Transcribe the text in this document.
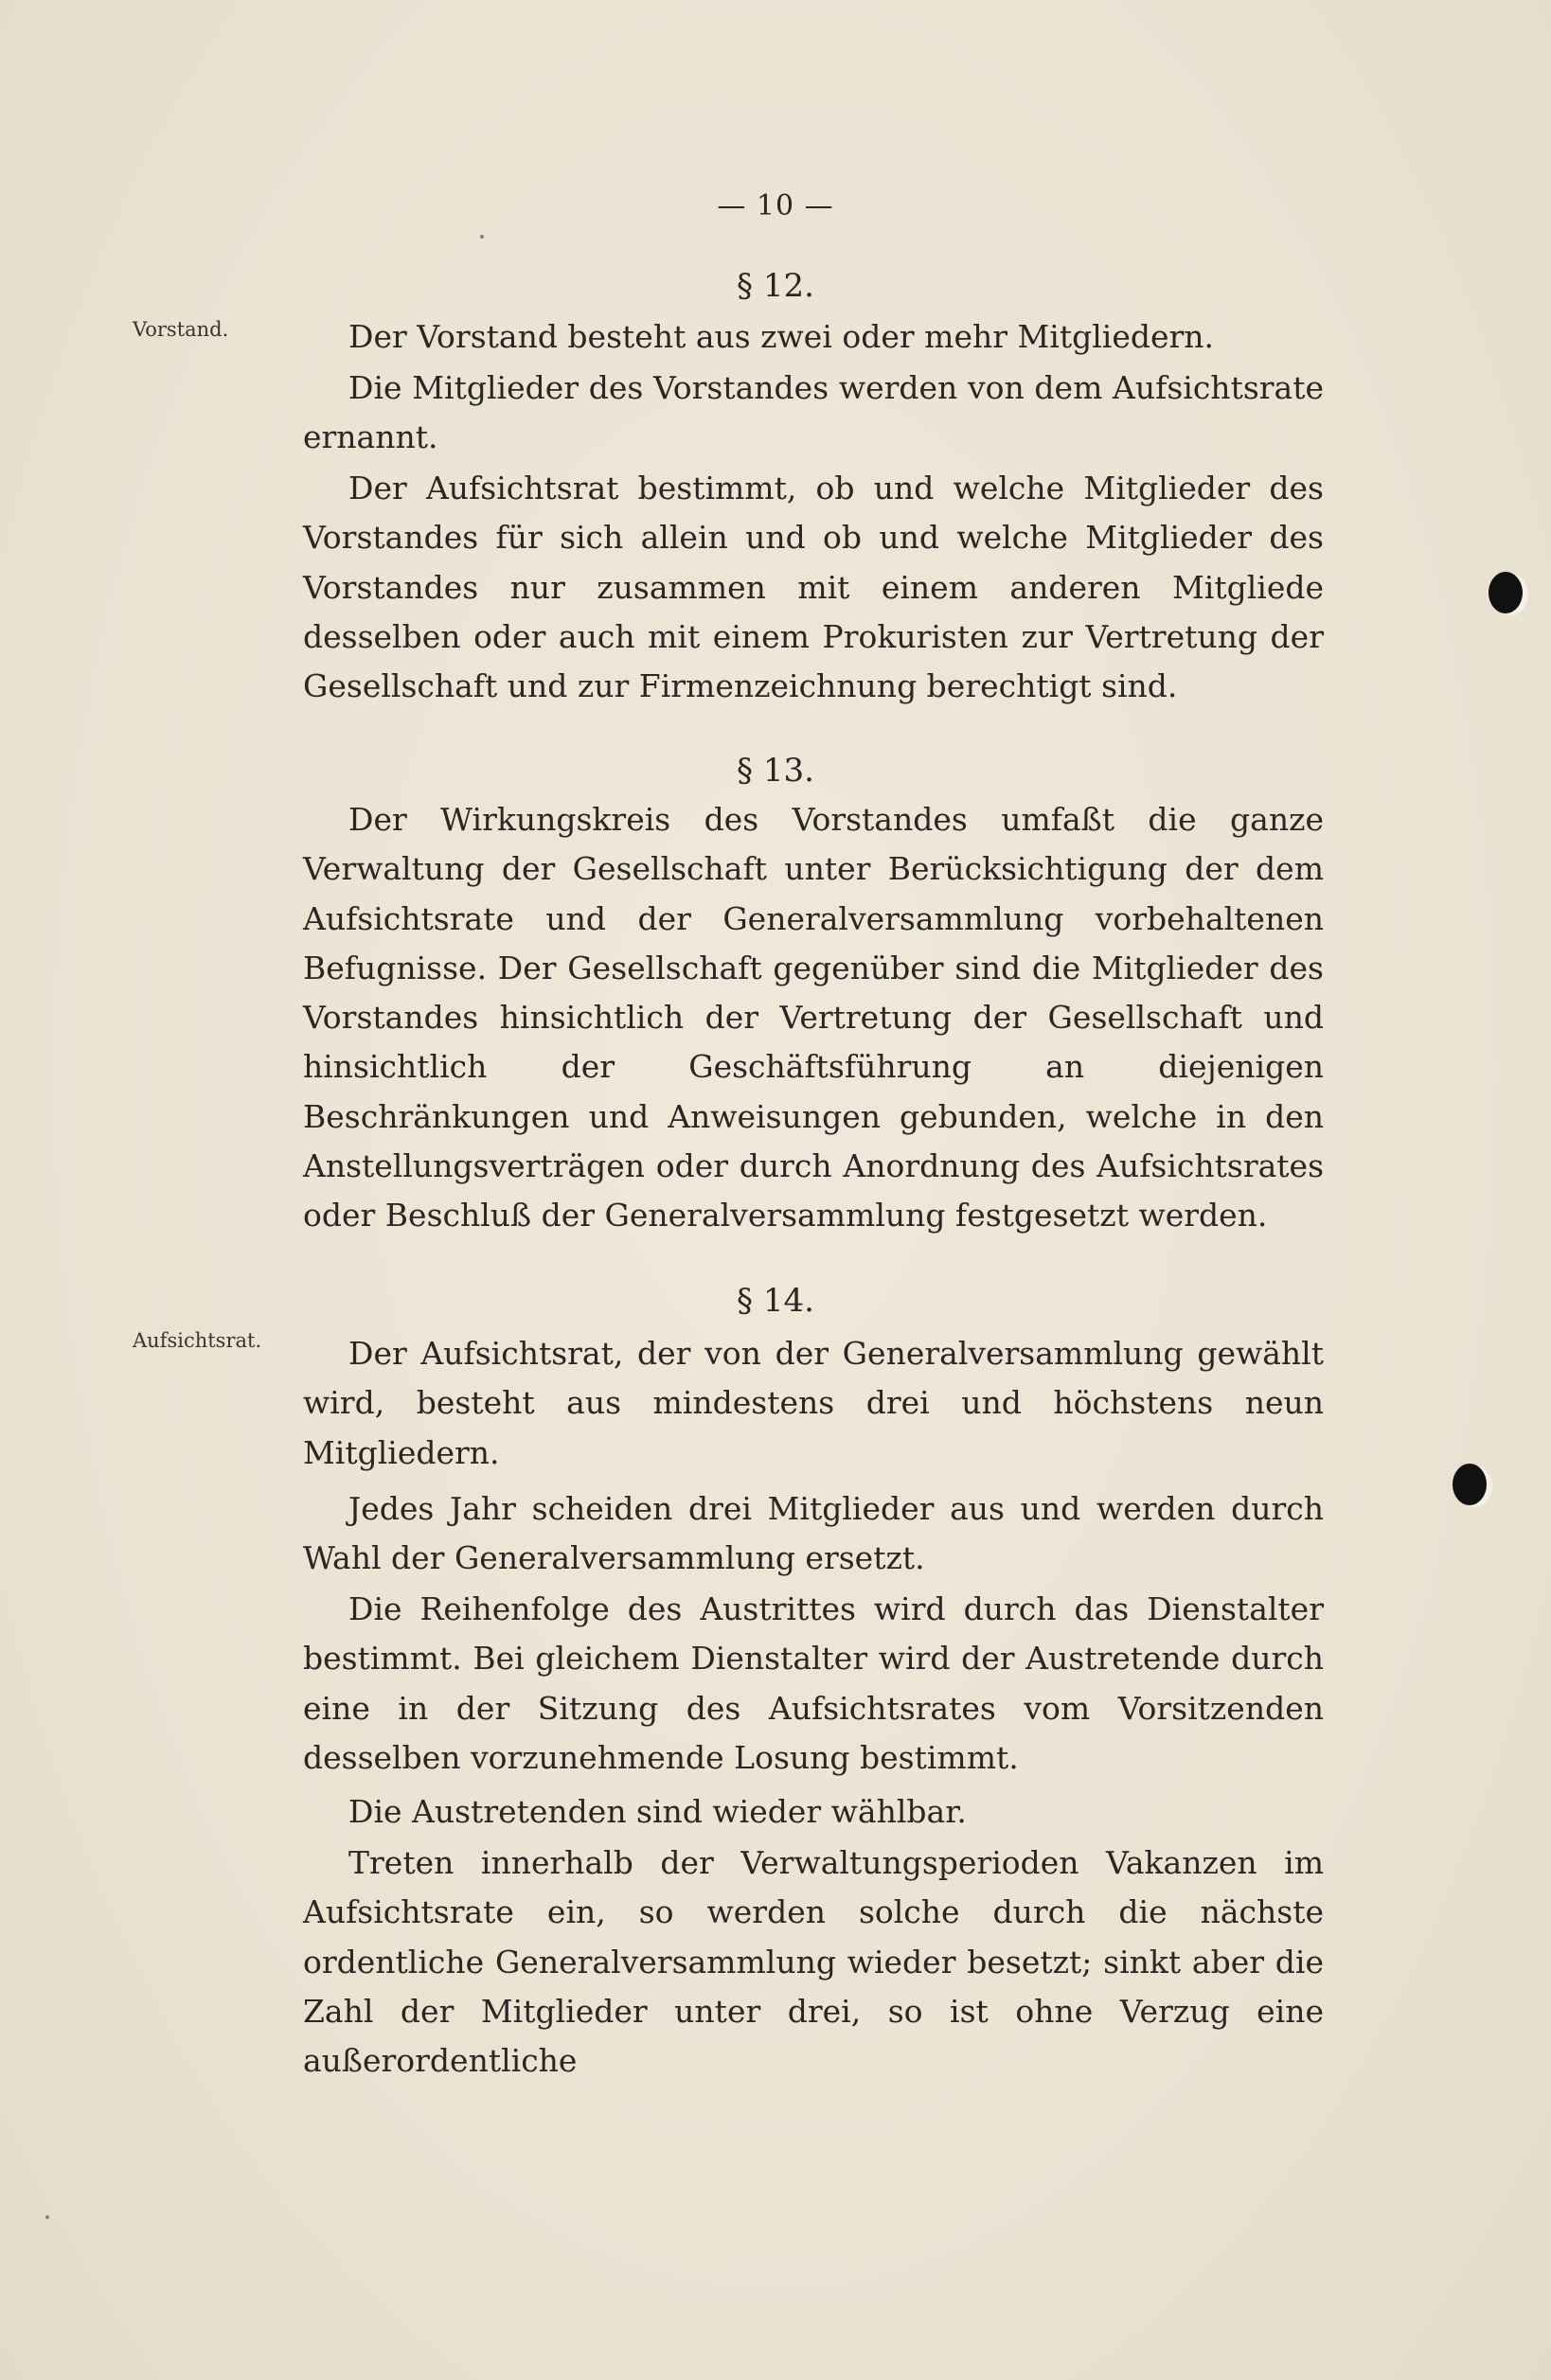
— 10 —
§ 12.
Vorstand.	Der Vorstand besteht aus zwei oder mehr Mitgliedern.

Die Mitglieder des Vorstandes werden von dem Aufsichtsrate ernannt.

Der Aufsichtsrat bestimmt, ob und welche Mitglieder des Vorstandes für sich allein und ob und welche Mitglieder des Vorstandes nur zusammen mit einem anderen Mitgliede desselben oder auch mit einem Prokuristen zur Vertretung der Gesellschaft und zur Firmenzeichnung berechtigt sind.

§ 13.

Der Wirkungskreis des Vorstandes umfaßt die ganze Verwaltung der Gesellschaft unter Berücksichtigung der dem Aufsichtsrate und der Generalversammlung vorbehaltenen Befugnisse. Der Gesellschaft gegenüber sind die Mitglieder des Vorstandes hinsichtlich der Vertretung der Gesellschaft und hinsichtlich der Geschäftsführung an diejenigen Beschränkungen und Anweisungen gebunden, welche in den Anstellungsverträgen oder durch Anordnung des Aufsichtsrates oder Beschluß der Generalversammlung festgesetzt werden.

§ 14.
Aufsichtsrat.	Der Aufsichtsrat, der von der Generalversammlung gewählt wird, besteht aus mindestens drei und höchstens neun Mitgliedern.

Jedes Jahr scheiden drei Mitglieder aus und werden durch Wahl der Generalversammlung ersetzt.

Die Reihenfolge des Austrittes wird durch das Dienstalter bestimmt. Bei gleichem Dienstalter wird der Austretende durch eine in der Sitzung des Aufsichtsrates vom Vorsitzenden desselben vorzunehmende Losung bestimmt.

Die Austretenden sind wieder wählbar.

Treten innerhalb der Verwaltungsperioden Vakanzen im Aufsichtsrate ein, so werden solche durch die nächste ordentliche Generalversammlung wieder besetzt; sinkt aber die Zahl der Mitglieder unter drei, so ist ohne Verzug eine außerordentliche
